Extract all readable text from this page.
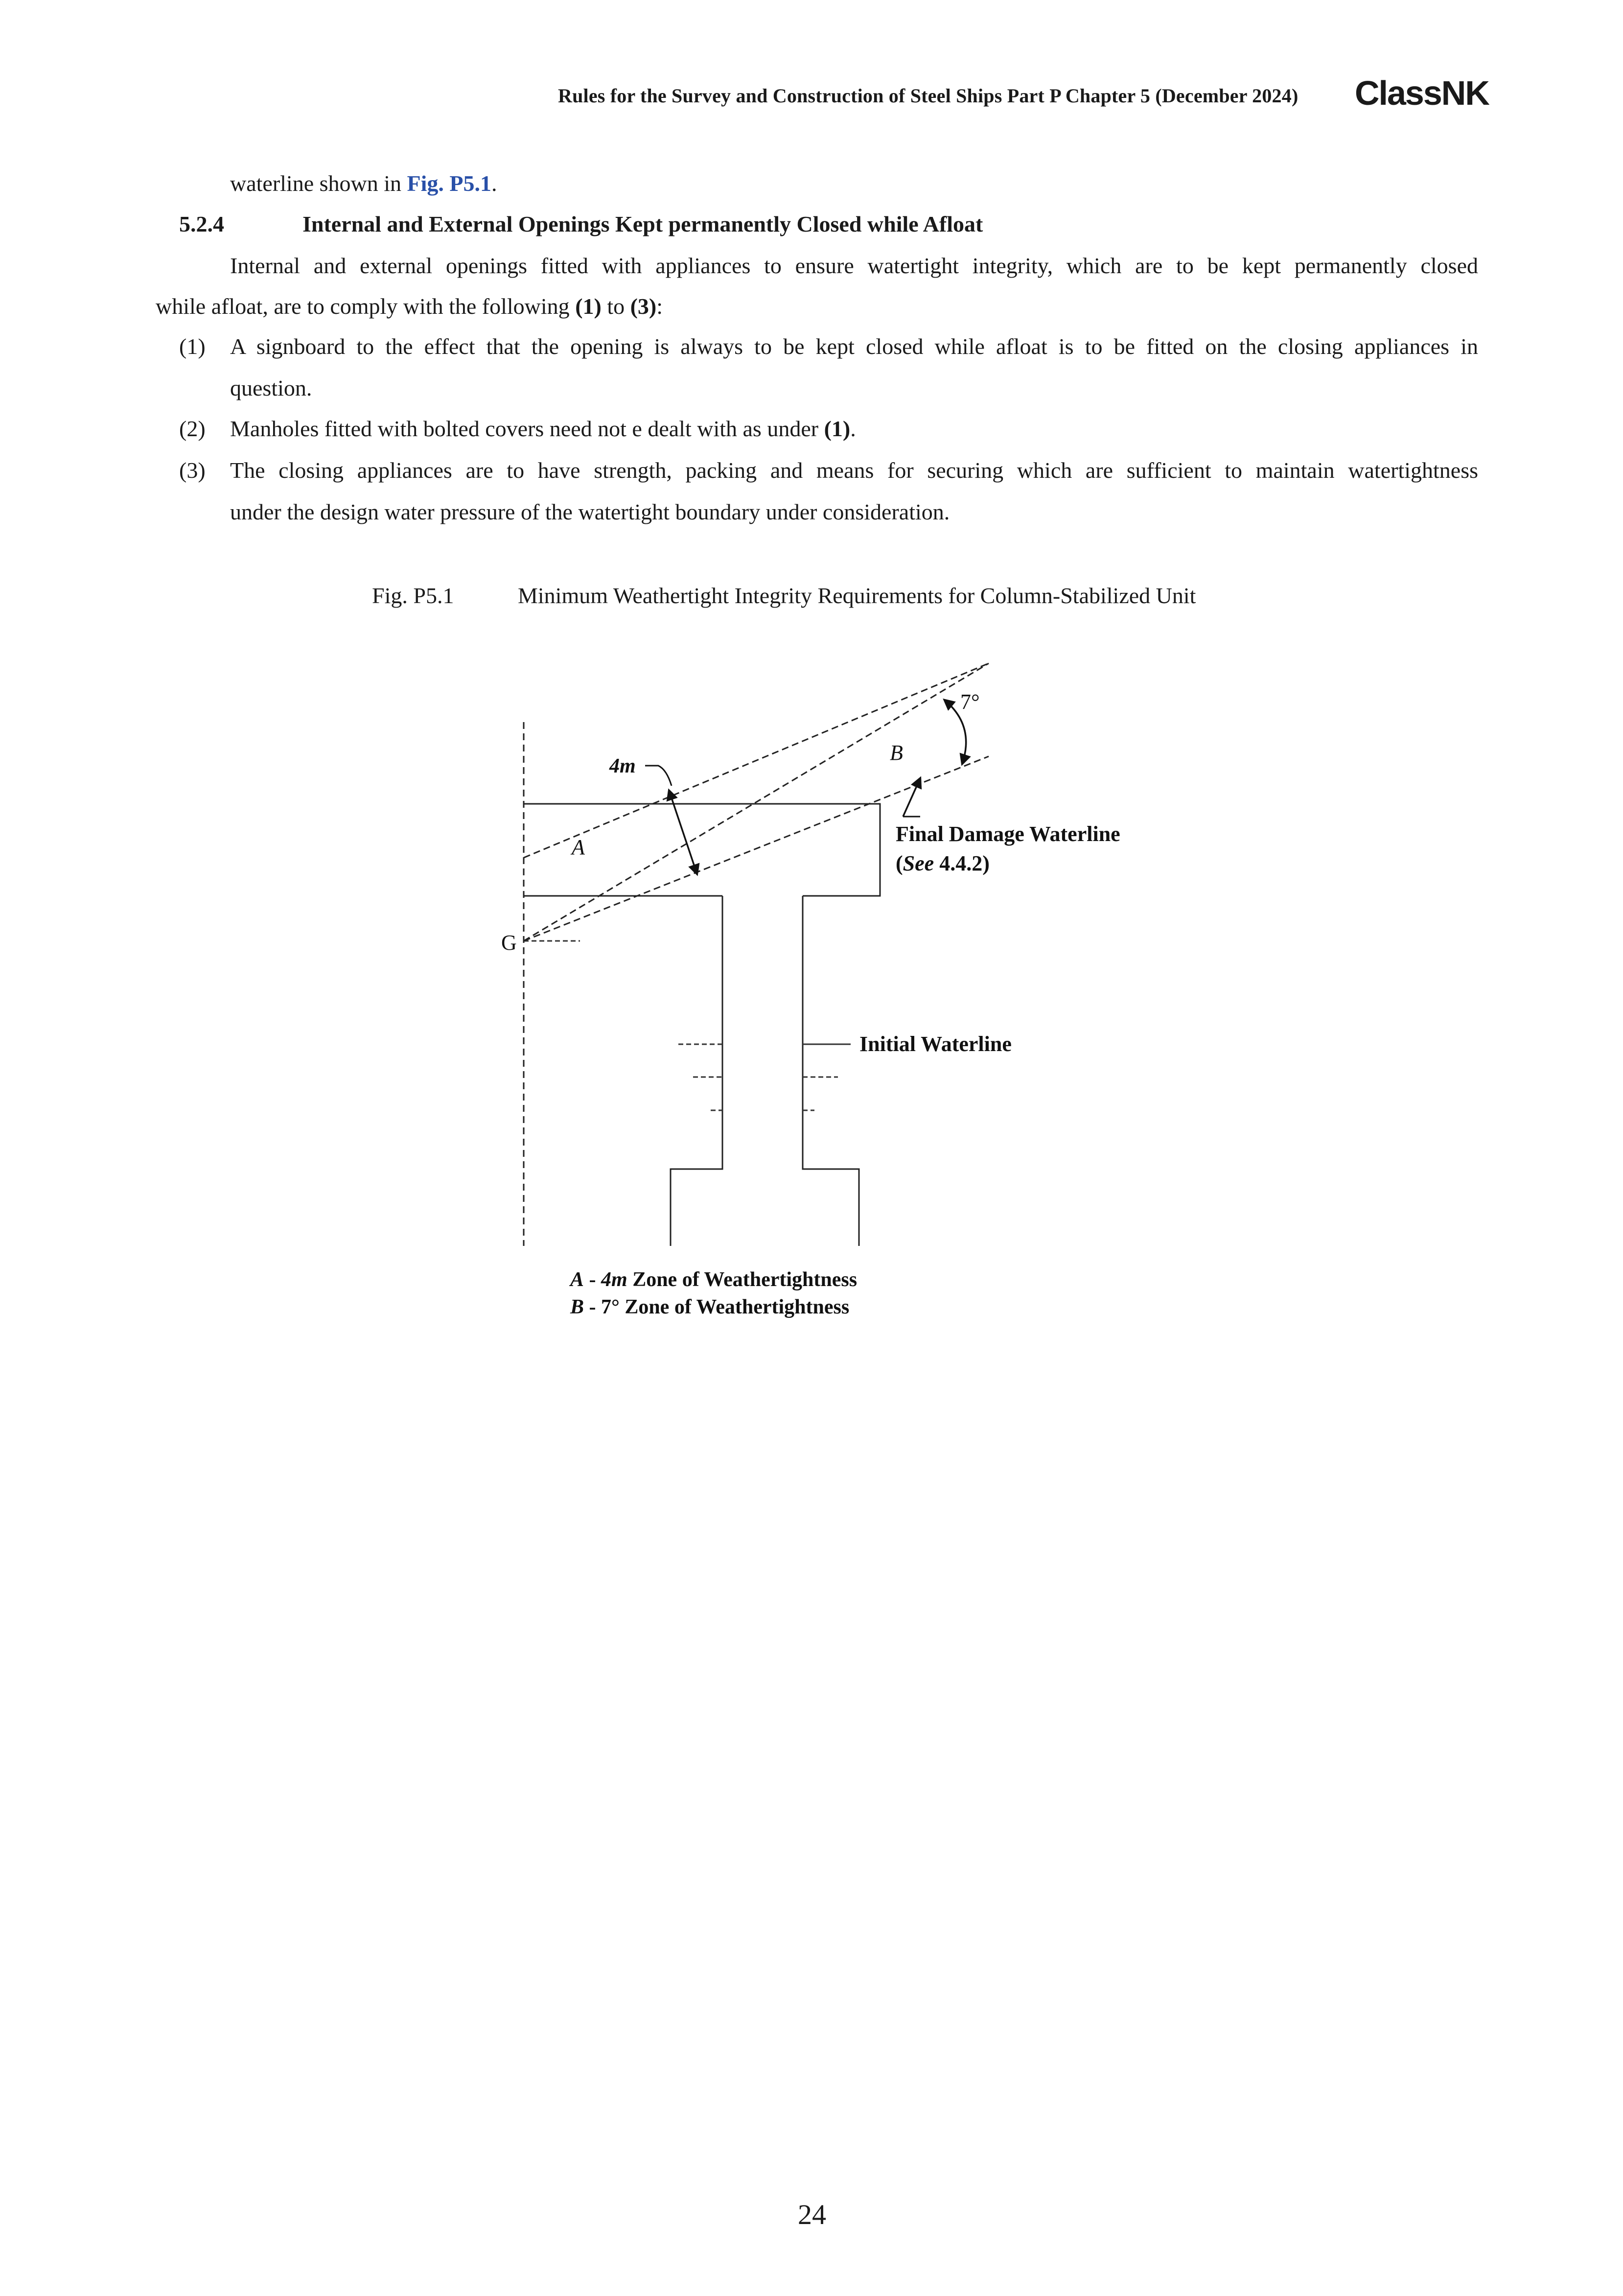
Rules for the Survey and Construction of Steel Ships Part P Chapter 5 (December 2024) ClassNK
waterline shown in Fig. P5.1.
5.2.4	Internal and External Openings Kept permanently Closed while Afloat
Internal and external openings fitted with appliances to ensure watertight integrity, which are to be kept permanently closed
while afloat, are to comply with the following (1) to (3):
(1) A signboard to the effect that the opening is always to be kept closed while afloat is to be fitted on the closing appliances in
question.
(2) Manholes fitted with bolted covers need not e dealt with as under (1).
(3) The closing appliances are to have strength, packing and means for securing which are sufficient to maintain watertightness
under the design water pressure of the watertight boundary under consideration.
Fig. P5.1	Minimum Weathertight Integrity Requirements for Column-Stabilized Unit
7°
4m
B
A
G
Final Damage Waterline
(See 4.4.2)
Initial Waterline
A - 4m Zone of Weathertightness
B - 7° Zone of Weathertightness
24
